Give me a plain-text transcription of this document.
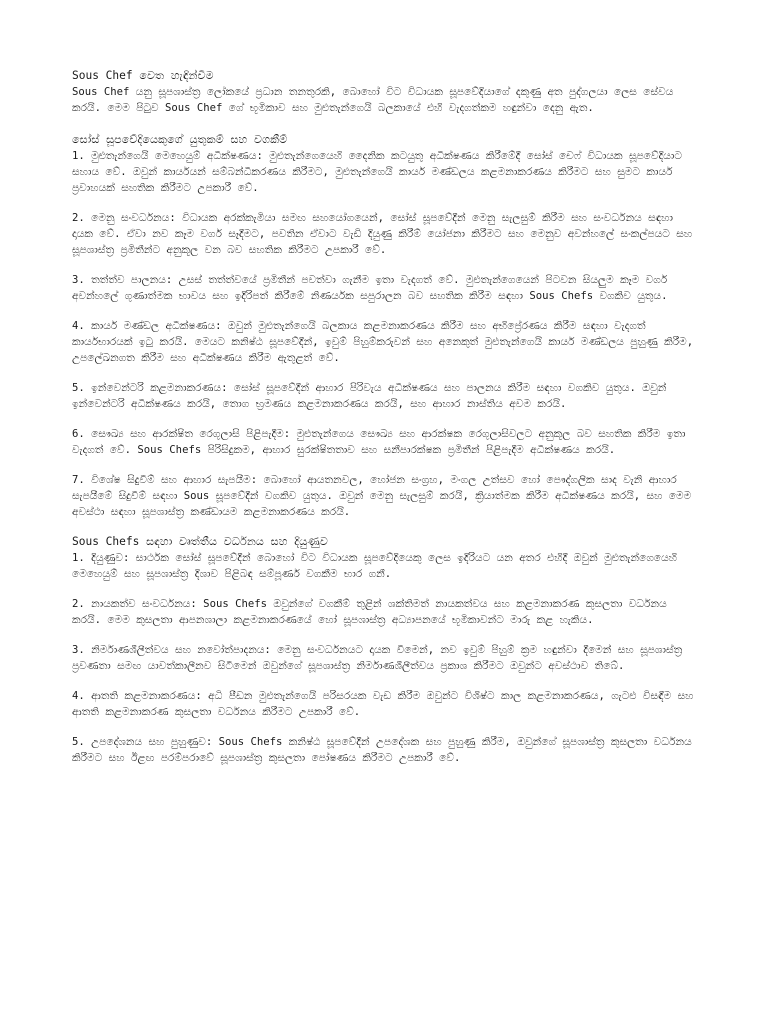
Sous Chef වෙත හැඳින්වීම

Sous Chef යනු සූපශාස්ත්‍ර ලෝකයේ ප්‍රධාන තනතුරකි, බොහෝ විට විධායක සූපවේදියාගේ දකුණු අත පුද්ගලයා ලෙස සේවය කරයි. මෙම පිටුව Sous Chef ගේ භූමිකාව සහ මුළුතැන්ගෙයි බලකායේ එහි වැදගත්කම හඳුන්වා දෙනු ඇත.

සෝස් සූපවේදියෙකුගේ යුතුකම් සහ වගකීම්

1. මුළුතැන්ගෙයි මෙහෙයුම් අධීක්ෂණය: මුළුතැන්ගෙයෙහි දෛනික කටයුතු අධීක්ෂණය කිරීමේදී සෝස් චෙෆ් විධායක සූපවේදියාට සහාය වේ. ඔවුන් කාර්යයන් සම්බන්ධීකරණය කිරීමට, මුළුතැන්ගෙයි කාර්ය මණ්ඩලය කළමනාකරණය කිරීමට සහ සුමට කාර්ය ප්‍රවාහයක් සහතික කිරීමට උපකාරී වේ.

2. මෙනු සංවර්ධනය: විධායක අරක්කැමියා සමඟ සහයෝගයෙන්, සෝස් සූපවේදීන් මෙනු සැලසුම් කිරීම සහ සංවර්ධනය සඳහා දායක වේ. ඒවා නව කෑම වගර් සෑදීමට, පවතින ඒවාට වැඩි දියුණු කිරීම් යෝජනා කිරීමට සහ මෙනුව අවන්හලේ සංකල්පයට සහ සූපශාස්ත්‍ර ප්‍රමිතීන්ට අනුකූල වන බව සහතික කිරීමට උපකාරී වේ.

3. තත්ත්ව පාලනය: උසස් තත්ත්වයේ ප්‍රමිතීන් පවත්වා ගැනීම ඉතා වැදගත් වේ. මුළුතැන්ගෙයෙන් පිටවන සියලුම කෑම වගර් අවන්හලේ ගුණාත්මක භාවය සහ ඉදිරිපත් කිරීමේ නිණර්යක සපුරාලන බව සහතික කිරීම සඳහා Sous Chefs වගකිව යුතුය.

4. කාර්ය මණ්ඩල අධීක්ෂණය: ඔවුන් මුළුතැන්ගෙයි බලකාය කළමනාකරණය කිරීම සහ අභිප්‍රේරණය කිරීම සඳහා වැදගත් කාර්යභාරයක් ඉටු කරයි. මෙයට කනිෂ්ඨ සූපවේදීන්, ඉවුම් පිහුම්කරුවන් සහ අනෙකුත් මුළුතැන්ගෙයි කාර්ය මණ්ඩලය පුහුණු කිරීම, උපලේඛනගත කිරීම සහ අධීක්ෂණය කිරීම ඇතුළත් වේ.

5. ඉන්වෙන්ටරි කළමනාකරණය: සෝස් සූපවේදීන් ආහාර පිරිවැය අධීක්ෂණය සහ පාලනය කිරීම සඳහා වගකිව යුතුය. ඔවුන් ඉන්වෙන්ටරි අධීක්ෂණය කරයි, තොග භ්‍රමණය කළමනාකරණය කරයි, සහ ආහාර නාස්තිය අවම කරයි.

6. සෞඛ්‍ය සහ ආරක්ෂිත රෙගුලාසි පිළිපැදීම: මුළුතැන්ගෙය සෞඛ්‍ය සහ ආරක්ෂක රෙගුලාසිවලට අනුකූල බව සහතික කිරීම ඉතා වැදගත් වේ. Sous Chefs පිරිසිදුකම, ආහාර සුරක්ෂිතතාව සහ සනීපාරක්ෂක ප්‍රමිතීන් පිළිපැදීම අධීක්ෂණය කරයි.

7. විශේෂ සිදුවීම් සහ ආහාර සැපයීම: බොහෝ ආයතනවල, හෝජන සංග්‍රහ, මංගල උත්සව හෝ පෞද්ගලික සාද වැනි ආහාර සැපයීමේ සිදුවීම් සඳහා Sous සූපවේදීන් වගකිව යුතුය. ඔවුන් මෙනු සැලසුම් කරයි, ක්‍රියාත්මක කිරීම අධීක්ෂණය කරයි, සහ මෙම අවස්ථා සඳහා සූපශාස්ත්‍ර කණ්ඩායම කළමනාකරණය කරයි.

Sous Chefs සඳහා වෘත්තීය වර්ධනය සහ දියුණුව

1. දියුණුව: සාර්ථක සෝස් සූපවේදීන් බොහෝ විට විධායක සූපවේදියෙකු ලෙස ඉදිරියට යන අතර එහිදී ඔවුන් මුළුතැන්ගෙයෙහි මෙහෙයුම් සහ සූපශාස්ත්‍ර දිශාව පිළිබඳ සම්පූර්ණ වගකීම භාර ගනී.

2. නායකත්ව සංවර්ධනය: Sous Chefs ඔවුන්ගේ වගකීම් තුළින් ශක්තිමත් නායකත්වය සහ කළමනාකරණ කුසලතා වර්ධනය කරයි. මෙම කුසලතා ආපනශාලා කළමනාකරණයේ හෝ සූපශාස්ත්‍ර අධ්‍යාපනයේ භූමිකාවන්ට මාරු කළ හැකිය.

3. නිර්මාණශීලීත්වය සහ නවෝත්පාදනය: මෙනු සංවර්ධනයට දායක වීමෙන්, නව ඉවුම් පිහුම් ක්‍රම හඳුන්වා දීමෙන් සහ සූපශාස්ත්‍ර ප්‍රවණතා සමඟ යාවත්කාලීනව සිටීමෙන් ඔවුන්ගේ සූපශාස්ත්‍ර නිර්මාණශීලීත්වය ප්‍රකාශ කිරීමට ඔවුන්ට අවස්ථාව තිබේ.

4. ආතති කළමනාකරණය: අධි පීඩන මුළුතැන්ගෙයි පරිසරයක වැඩ කිරීම ඔවුන්ට විශිෂ්ට කාල කළමනාකරණය, ගැටළු විසඳීම සහ ආතති කළමනාකරණ කුසලතා වර්ධනය කිරීමට උපකාරී වේ.

5. උපදේශනය සහ පුහුණුව: Sous Chefs කනිෂ්ඨ සූපවේදීන් උපදේශක සහ පුහුණු කිරීම, ඔවුන්ගේ සූපශාස්ත්‍ර කුසලතා වර්ධනය කිරීමට සහ ඊළඟ පරම්පරාවේ සූපශාස්ත්‍ර කුසලතා පෝෂණය කිරීමට උපකාරී වේ.
